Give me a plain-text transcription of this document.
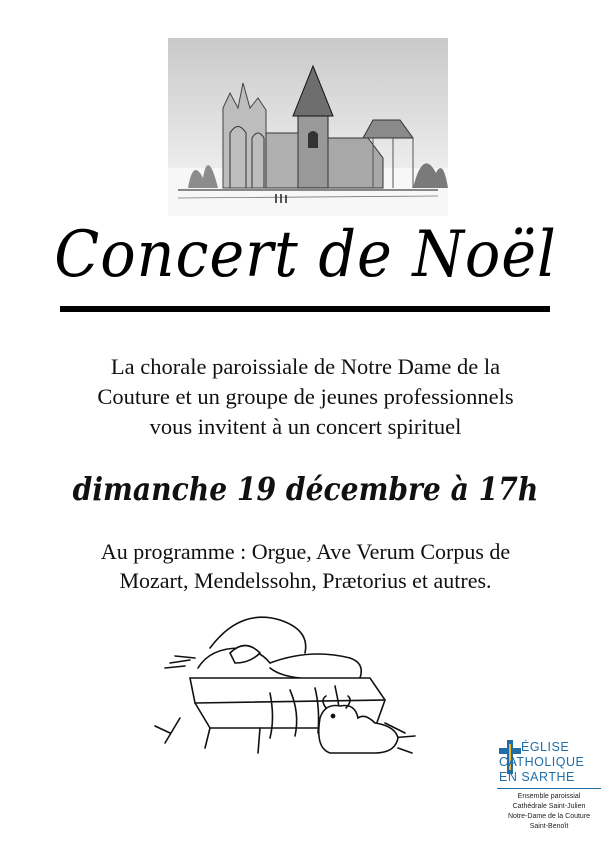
Concert de Noël
La chorale paroissiale de Notre Dame de la
Couture et un groupe de jeunes professionnels
vous invitent à un concert spirituel
dimanche 19 décembre à 17h
Au programme : Orgue, Ave Verum Corpus de
Mozart, Mendelssohn, Prætorius et autres.
ÉGLISE
CATHOLIQUE
EN SARTHE
Ensemble paroissial
Cathédrale Saint-Julien
Notre-Dame de la Couture
Saint-Benoît
